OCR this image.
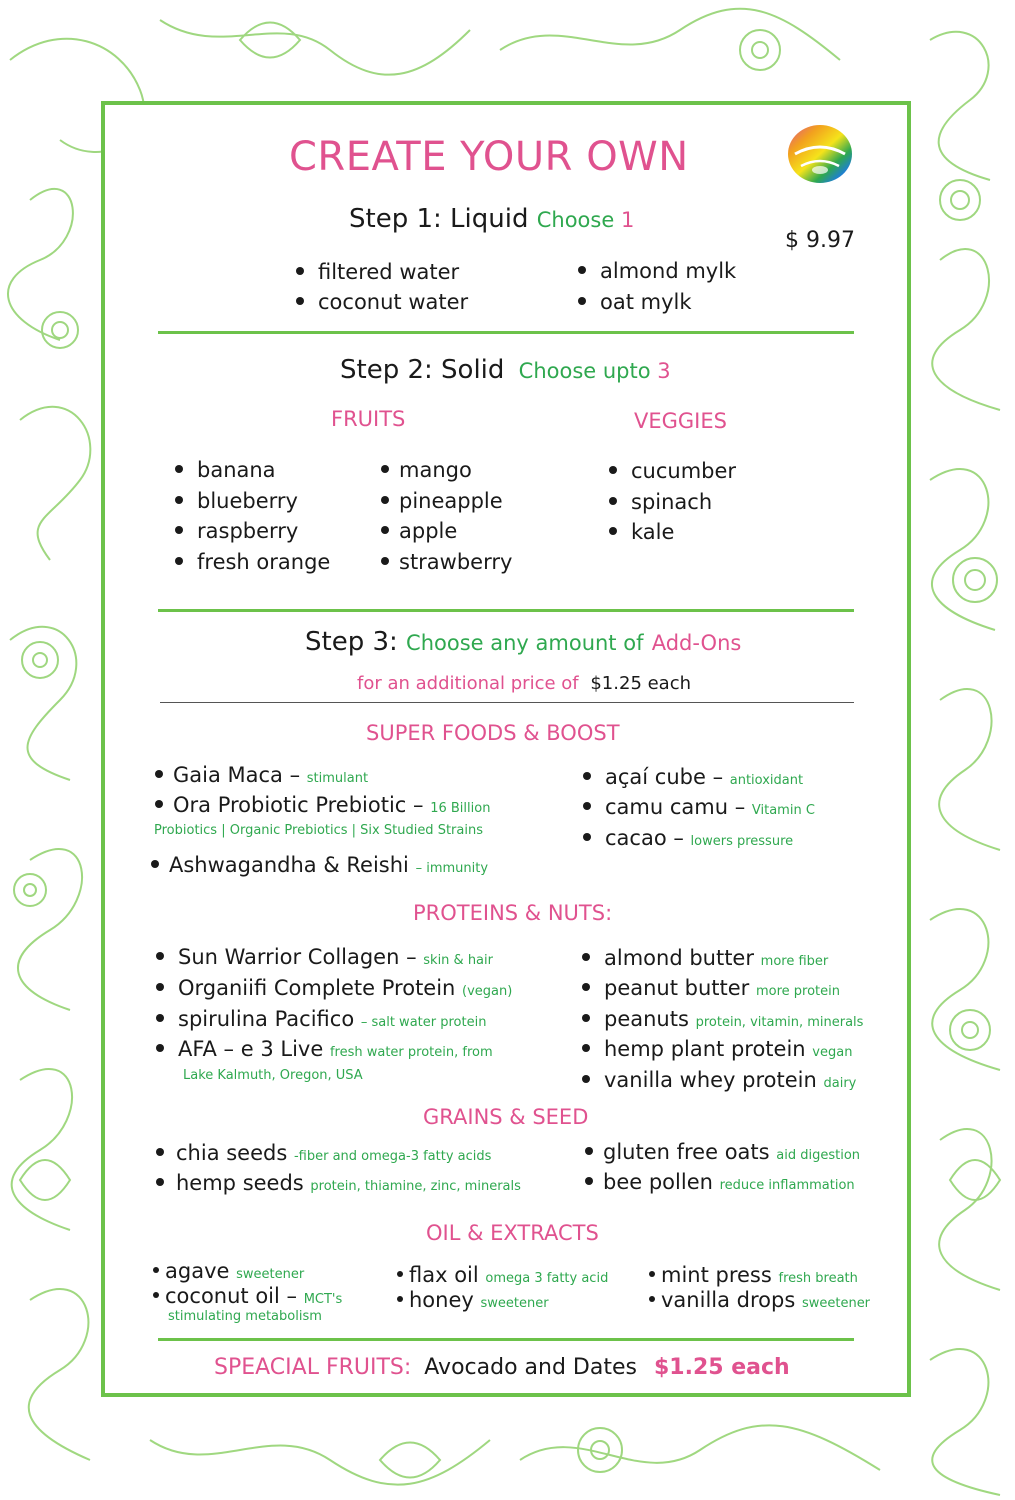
CREATE YOUR OWN
$ 9.97
Step 1: Liquid Choose 1
filtered water
coconut water
almond mylk
oat mylk
Step 2: Solid Choose upto 3
FRUITS	VEGGIES
banana
blueberry
raspberry
fresh orange
mango
pineapple
apple
strawberry
cucumber
spinach
kale
Step 3: Choose any amount of Add-Ons
for an additional price of $1.25 each
SUPER FOODS & BOOST
Gaia Maca – stimulant
Ora Probiotic Prebiotic – 16 Billion
Probiotics | Organic Prebiotics | Six Studied Strains
Ashwagandha & Reishi – immunity
açaí cube – antioxidant
camu camu – Vitamin C
cacao – lowers pressure
PROTEINS & NUTS:
Sun Warrior Collagen – skin & hair
Organiifi Complete Protein (vegan)
spirulina Pacifico – salt water protein
AFA – e 3 Live fresh water protein, from
Lake Kalmuth, Oregon, USA
almond butter more fiber
peanut butter more protein
peanuts protein, vitamin, minerals
hemp plant protein vegan
vanilla whey protein dairy
GRAINS & SEED
chia seeds -fiber and omega-3 fatty acids
hemp seeds protein, thiamine, zinc, minerals
gluten free oats aid digestion
bee pollen reduce inflammation
OIL & EXTRACTS
agave sweetener
coconut oil – MCT's
stimulating metabolism
flax oil omega 3 fatty acid
honey sweetener
mint press fresh breath
vanilla drops sweetener
SPEACIAL FRUITS: Avocado and Dates $1.25 each
